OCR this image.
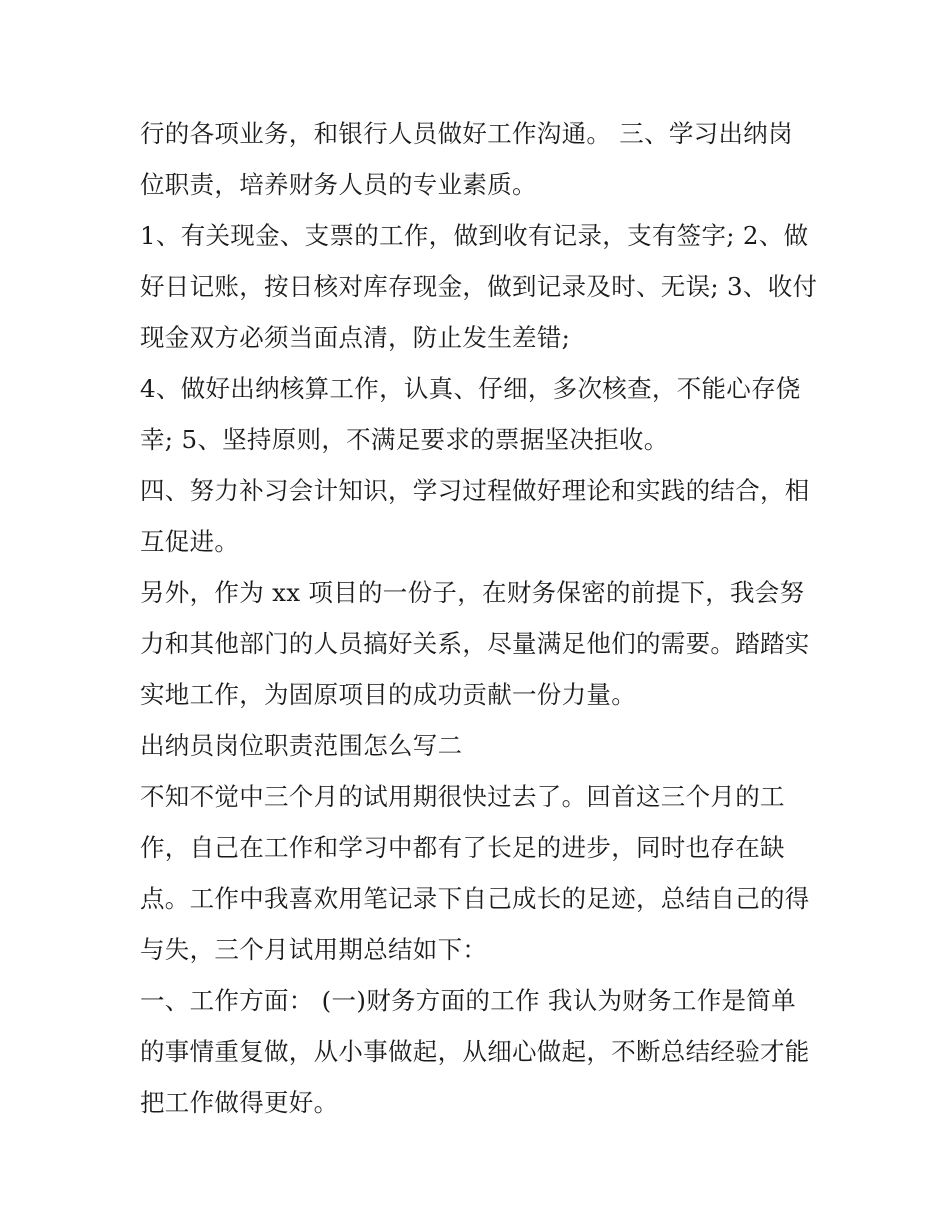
行的各项业务，和银行人员做好工作沟通。 三、学习出纳岗
位职责，培养财务人员的专业素质。
1、有关现金、支票的工作，做到收有记录，支有签字; 2、做
好日记账，按日核对库存现金，做到记录及时、无误; 3、收付
现金双方必须当面点清，防止发生差错;
4、做好出纳核算工作，认真、仔细，多次核查，不能心存侥
幸; 5、坚持原则，不满足要求的票据坚决拒收。
四、努力补习会计知识，学习过程做好理论和实践的结合，相
互促进。
另外，作为 xx 项目的一份子，在财务保密的前提下，我会努
力和其他部门的人员搞好关系，尽量满足他们的需要。踏踏实
实地工作，为固原项目的成功贡献一份力量。
出纳员岗位职责范围怎么写二
不知不觉中三个月的试用期很快过去了。回首这三个月的工
作，自己在工作和学习中都有了长足的进步，同时也存在缺
点。工作中我喜欢用笔记录下自己成长的足迹，总结自己的得
与失，三个月试用期总结如下：
一、工作方面： (一)财务方面的工作 我认为财务工作是简单
的事情重复做，从小事做起，从细心做起，不断总结经验才能
把工作做得更好。
